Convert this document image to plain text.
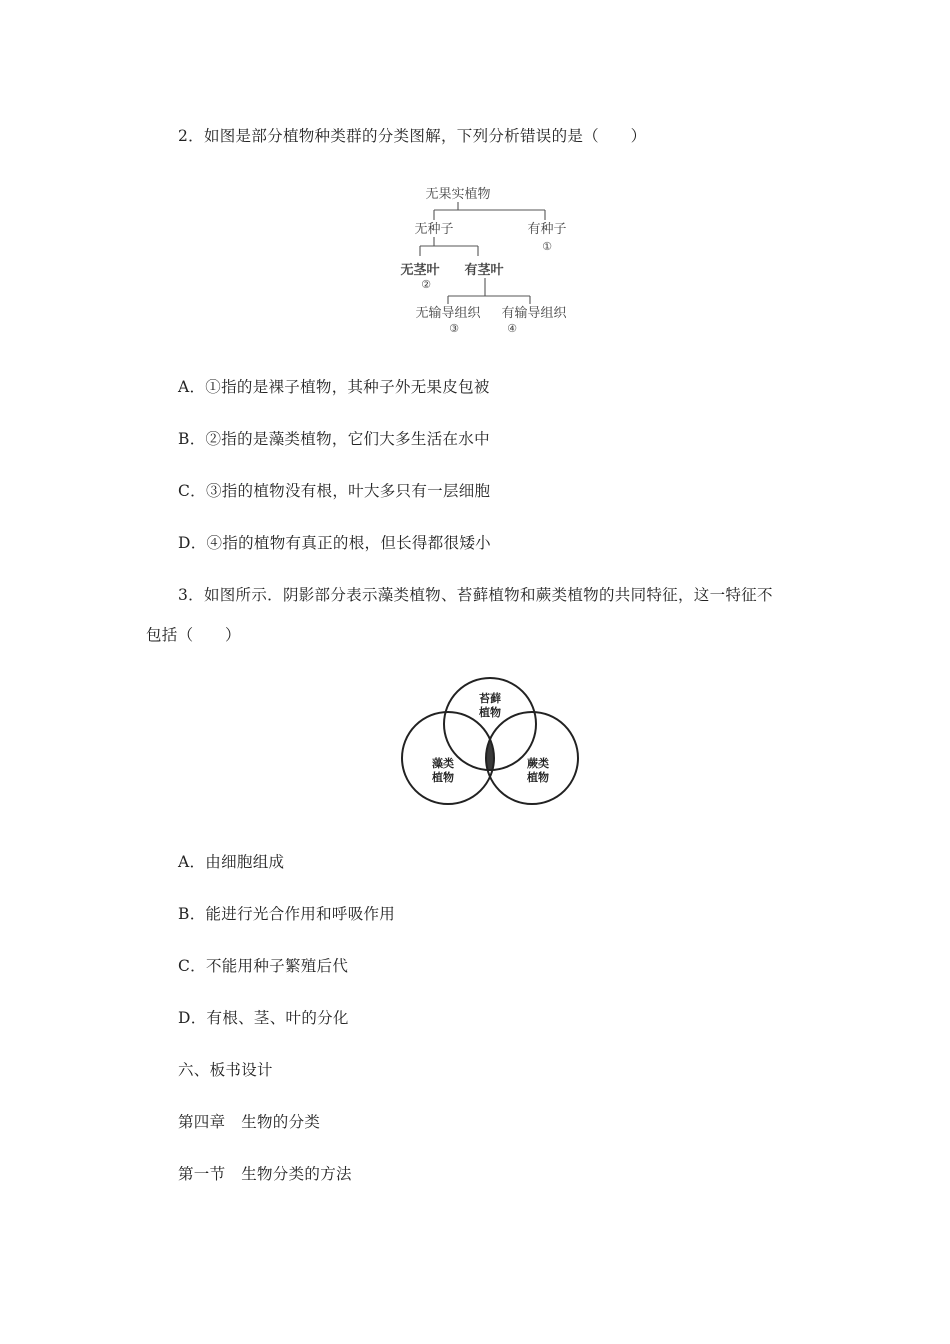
2．如图是部分植物种类群的分类图解，下列分析错误的是（　　）
无果实植物
无种子	有种子
①
无茎叶 有茎叶
②
无输导组织 有输导组织
③	④
A．①指的是裸子植物，其种子外无果皮包被
B．②指的是藻类植物，它们大多生活在水中
C．③指的植物没有根，叶大多只有一层细胞
D．④指的植物有真正的根，但长得都很矮小
3．如图所示．阴影部分表示藻类植物、苔藓植物和蕨类植物的共同特征，这一特征不
包括（　　）
苔藓
植物
藻类
植物
蕨类
植物
A．由细胞组成
B．能进行光合作用和呼吸作用
C．不能用种子繁殖后代
D．有根、茎、叶的分化
六、板书设计
第四章　生物的分类
第一节　生物分类的方法
